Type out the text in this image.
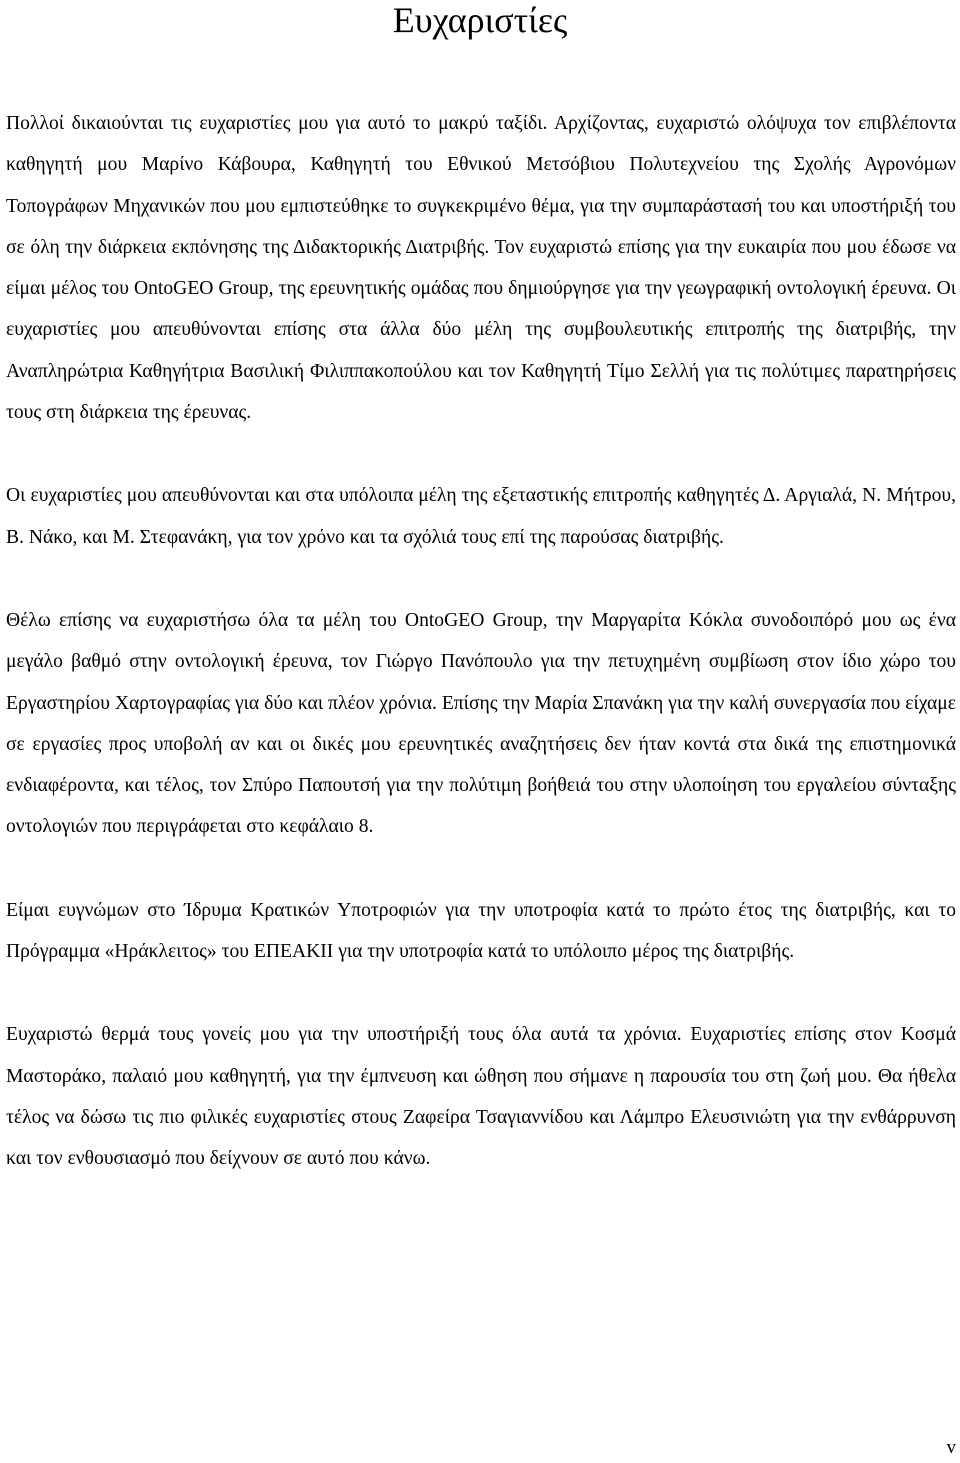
Ευχαριστίες

Πολλοί δικαιούνται τις ευχαριστίες μου για αυτό το μακρύ ταξίδι. Αρχίζοντας, ευχαριστώ ολόψυχα τον επιβλέποντα καθηγητή μου Μαρίνο Κάβουρα, Καθηγητή του Εθνικού Μετσόβιου Πολυτεχνείου της Σχολής Αγρονόμων Τοπογράφων Μηχανικών που μου εμπιστεύθηκε το συγκεκριμένο θέμα, για την συμπαράστασή του και υποστήριξή του σε όλη την διάρκεια εκπόνησης της Διδακτορικής Διατριβής. Τον ευχαριστώ επίσης για την ευκαιρία που μου έδωσε να είμαι μέλος του OntoGEO Group, της ερευνητικής ομάδας που δημιούργησε για την γεωγραφική οντολογική έρευνα. Οι ευχαριστίες μου απευθύνονται επίσης στα άλλα δύο μέλη της συμβουλευτικής επιτροπής της διατριβής, την Αναπληρώτρια Καθηγήτρια Βασιλική Φιλιππακοπούλου και τον Καθηγητή Τίμο Σελλή για τις πολύτιμες παρατηρήσεις τους στη διάρκεια της έρευνας.

Οι ευχαριστίες μου απευθύνονται και στα υπόλοιπα μέλη της εξεταστικής επιτροπής καθηγητές Δ. Αργιαλά, Ν. Μήτρου, Β. Νάκο, και Μ. Στεφανάκη, για τον χρόνο και τα σχόλιά τους επί της παρούσας διατριβής.

Θέλω επίσης να ευχαριστήσω όλα τα μέλη του OntoGEO Group, την Μαργαρίτα Κόκλα συνοδοιπόρό μου ως ένα μεγάλο βαθμό στην οντολογική έρευνα, τον Γιώργο Πανόπουλο για την πετυχημένη συμβίωση στον ίδιο χώρο του Εργαστηρίου Χαρτογραφίας για δύο και πλέον χρόνια. Επίσης την Μαρία Σπανάκη για την καλή συνεργασία που είχαμε σε εργασίες προς υποβολή αν και οι δικές μου ερευνητικές αναζητήσεις δεν ήταν κοντά στα δικά της επιστημονικά ενδιαφέροντα, και τέλος, τον Σπύρο Παπουτσή για την πολύτιμη βοήθειά του στην υλοποίηση του εργαλείου σύνταξης οντολογιών που περιγράφεται στο κεφάλαιο 8.

Είμαι ευγνώμων στο Ίδρυμα Κρατικών Υποτροφιών για την υποτροφία κατά το πρώτο έτος της διατριβής, και το Πρόγραμμα «Ηράκλειτος» του ΕΠΕΑΚΙΙ για την υποτροφία κατά το υπόλοιπο μέρος της διατριβής.

Ευχαριστώ θερμά τους γονείς μου για την υποστήριξή τους όλα αυτά τα χρόνια. Ευχαριστίες επίσης στον Κοσμά Μαστοράκο, παλαιό μου καθηγητή, για την έμπνευση και ώθηση που σήμανε η παρουσία του στη ζωή μου. Θα ήθελα τέλος να δώσω τις πιο φιλικές ευχαριστίες στους Ζαφείρα Τσαγιαννίδου και Λάμπρο Ελευσινιώτη για την ενθάρρυνση και τον ενθουσιασμό που δείχνουν σε αυτό που κάνω.

v
